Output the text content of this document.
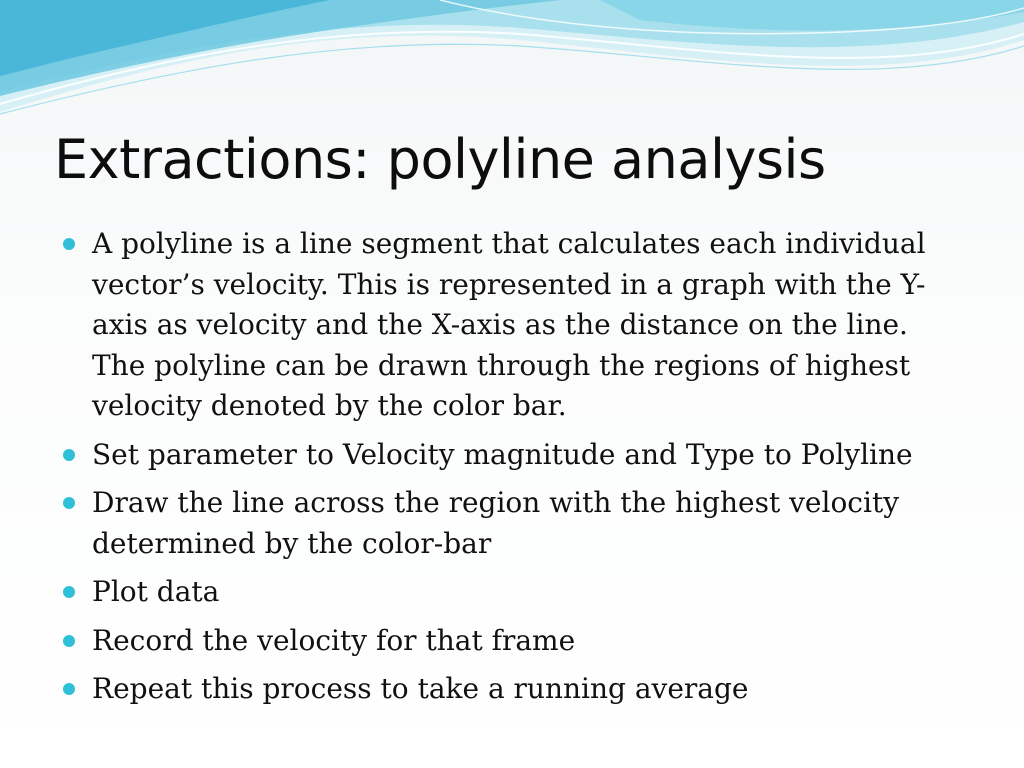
Extractions: polyline analysis
A polyline is a line segment that calculates each individual vector’s velocity. This is represented in a graph with the Y-axis as velocity and the X-axis as the distance on the line. The polyline can be drawn through the regions of highest velocity denoted by the color bar.
Set parameter to Velocity magnitude and Type to Polyline
Draw the line across the region with the highest velocity determined by the color-bar
Plot data
Record the velocity for that frame
Repeat this process to take a running average
